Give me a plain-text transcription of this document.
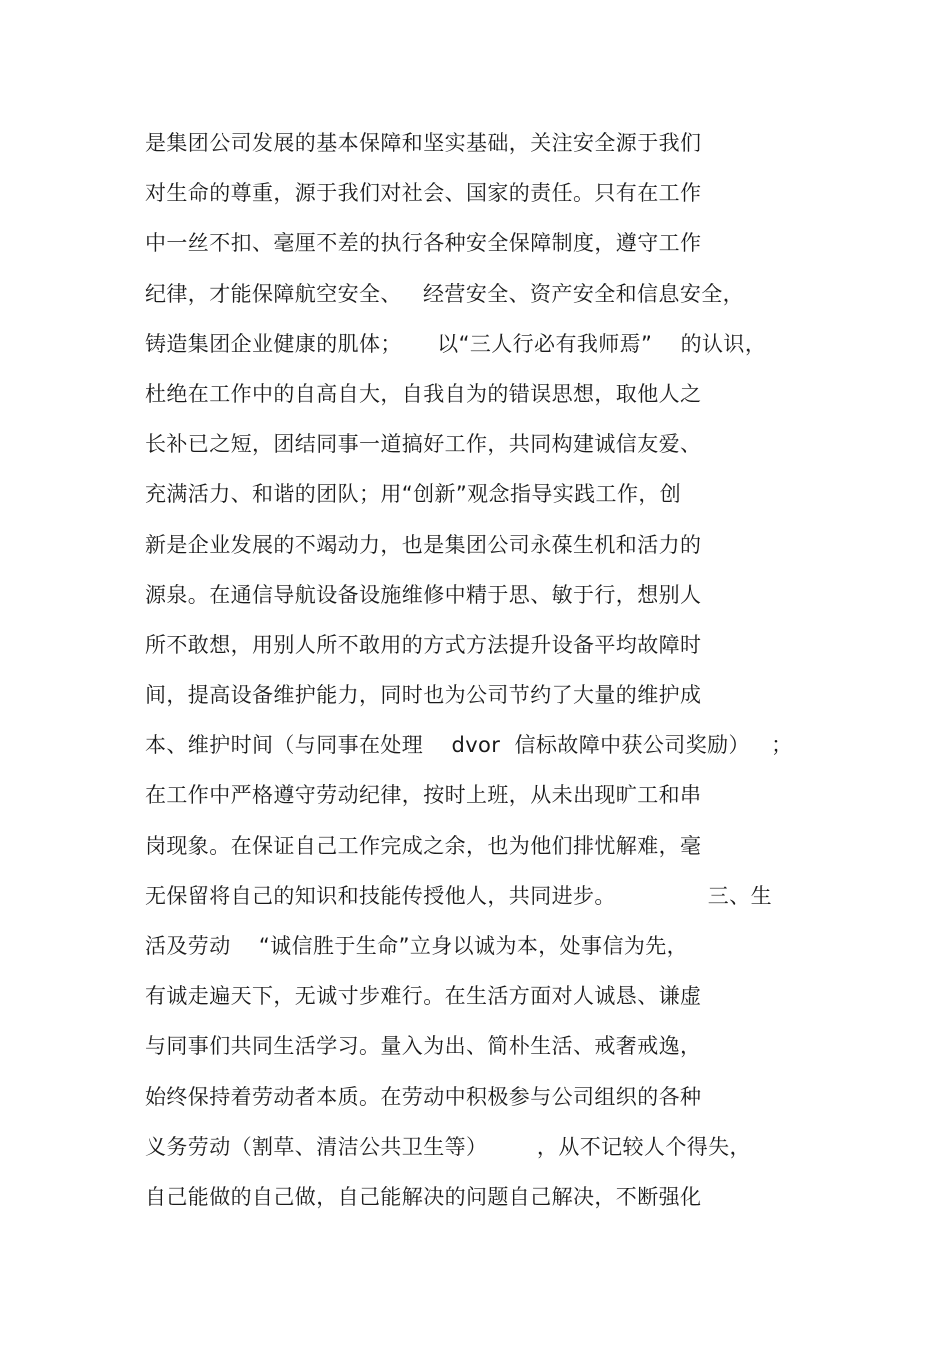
是集团公司发展的基本保障和坚实基础，关注安全源于我们
对生命的尊重，源于我们对社会、国家的责任。只有在工作
中一丝不扣、毫厘不差的执行各种安全保障制度，遵守工作
纪律，才能保障航空安全、   经营安全、资产安全和信息安全，
铸造集团企业健康的肌体；     以“三人行必有我师焉”    的认识，
杜绝在工作中的自高自大，自我自为的错误思想，取他人之
长补已之短，团结同事一道搞好工作，共同构建诚信友爱、
充满活力、和谐的团队；用“创新”观念指导实践工作，创
新是企业发展的不竭动力，也是集团公司永葆生机和活力的
源泉。在通信导航设备设施维修中精于思、敏于行，想别人
所不敢想，用别人所不敢用的方式方法提升设备平均故障时
间，提高设备维护能力，同时也为公司节约了大量的维护成
本、维护时间（与同事在处理    dvor  信标故障中获公司奖励）   ；
在工作中严格遵守劳动纪律，按时上班，从未出现旷工和串
岗现象。在保证自己工作完成之余，也为他们排忧解难，毫
无保留将自己的知识和技能传授他人，共同进步。             三、生
活及劳动    “诚信胜于生命”立身以诚为本，处事信为先，
有诚走遍天下，无诚寸步难行。在生活方面对人诚恳、谦虚
与同事们共同生活学习。量入为出、简朴生活、戒奢戒逸，
始终保持着劳动者本质。在劳动中积极参与公司组织的各种
义务劳动（割草、清洁公共卫生等）       ，从不记较人个得失，
自己能做的自己做，自己能解决的问题自己解决，不断强化
